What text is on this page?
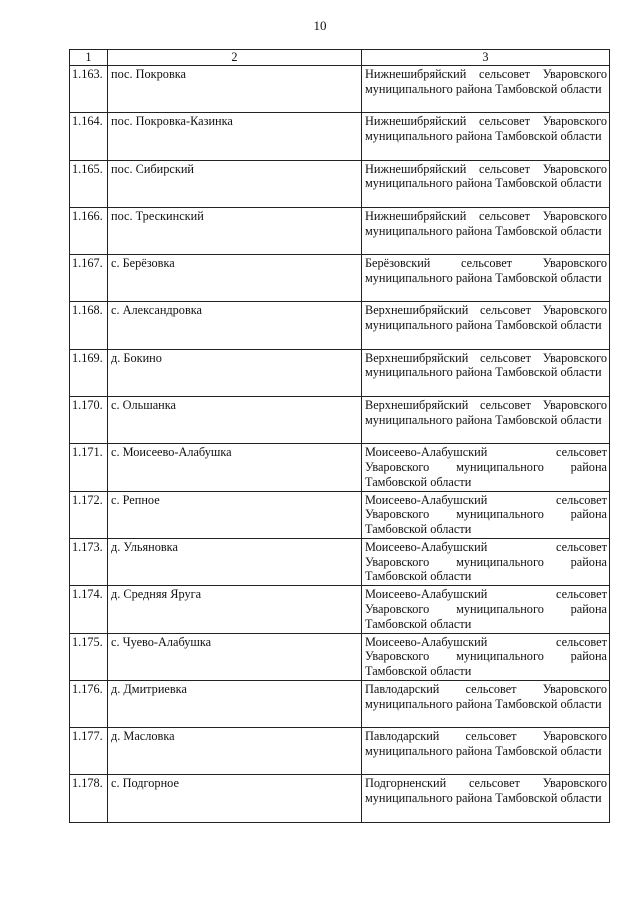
10
1	2	3
1.163.	пос. Покровка	Нижнешибряйский сельсовет Уваровского муниципального района Тамбовской области
1.164.	пос. Покровка-Казинка	Нижнешибряйский сельсовет Уваровского муниципального района Тамбовской области
1.165.	пос. Сибирский	Нижнешибряйский сельсовет Уваровского муниципального района Тамбовской области
1.166.	пос. Трескинский	Нижнешибряйский сельсовет Уваровского муниципального района Тамбовской области
1.167.	с. Берёзовка	Берёзовский сельсовет Уваровского муниципального района Тамбовской области
1.168.	с. Александровка	Верхнешибряйский сельсовет Уваровского муниципального района Тамбовской области
1.169.	д. Бокино	Верхнешибряйский сельсовет Уваровского муниципального района Тамбовской области
1.170.	с. Ольшанка	Верхнешибряйский сельсовет Уваровского муниципального района Тамбовской области
1.171.	с. Моисеево-Алабушка	Моисеево-Алабушский сельсовет Уваровского муниципального района Тамбовской области
1.172.	с. Репное	Моисеево-Алабушский сельсовет Уваровского муниципального района Тамбовской области
1.173.	д. Ульяновка	Моисеево-Алабушский сельсовет Уваровского муниципального района Тамбовской области
1.174.	д. Средняя Яруга	Моисеево-Алабушский сельсовет Уваровского муниципального района Тамбовской области
1.175.	с. Чуево-Алабушка	Моисеево-Алабушский сельсовет Уваровского муниципального района Тамбовской области
1.176.	д. Дмитриевка	Павлодарский сельсовет Уваровского муниципального района Тамбовской области
1.177.	д. Масловка	Павлодарский сельсовет Уваровского муниципального района Тамбовской области
1.178.	с. Подгорное	Подгорненский сельсовет Уваровского муниципального района Тамбовской области
